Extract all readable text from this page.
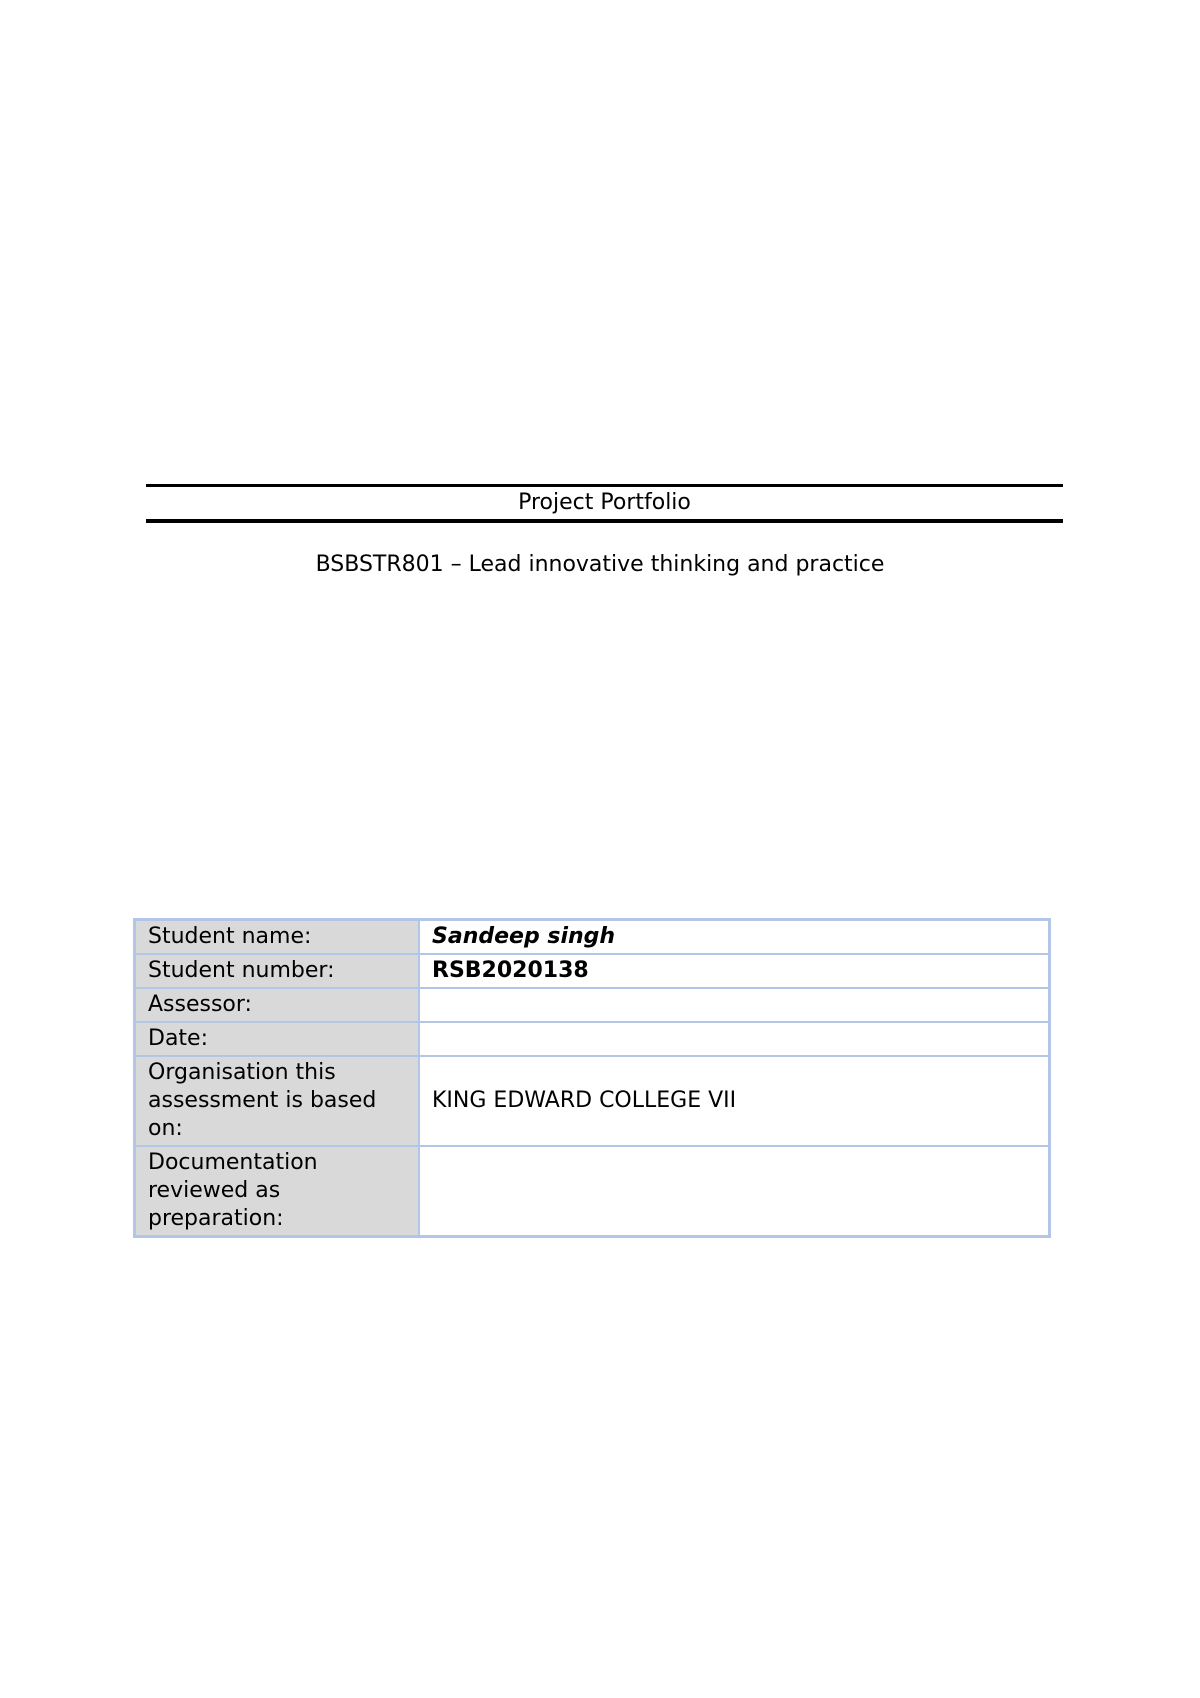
Project Portfolio
BSBSTR801 – Lead innovative thinking and practice
Student name:	Sandeep singh
Student number:	RSB2020138
Assessor:	
Date:	
Organisation this assessment is based on:	KING EDWARD COLLEGE VII
Documentation reviewed as preparation:	
